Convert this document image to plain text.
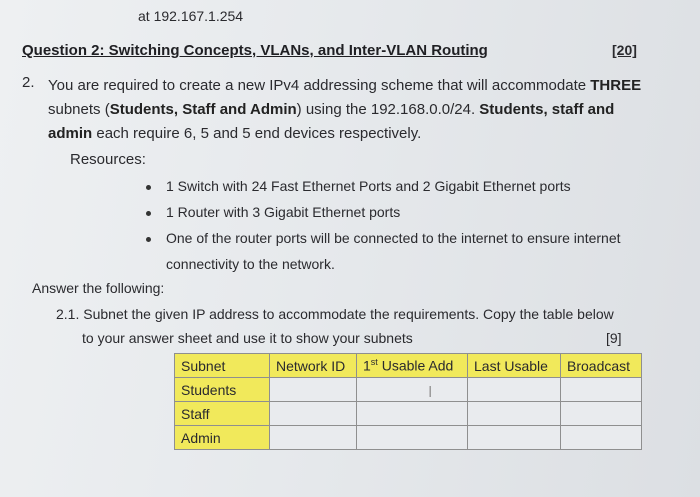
at 192.167.1.254
Question 2: Switching Concepts, VLANs, and Inter-VLAN Routing	[20]
2. You are required to create a new IPv4 addressing scheme that will accommodate THREE
subnets (Students, Staff and Admin) using the 192.168.0.0/24. Students, staff and
admin each require 6, 5 and 5 end devices respectively.
Resources:
1 Switch with 24 Fast Ethernet Ports and 2 Gigabit Ethernet ports
1 Router with 3 Gigabit Ethernet ports
One of the router ports will be connected to the internet to ensure internet
connectivity to the network.
Answer the following:
2.1. Subnet the given IP address to accommodate the requirements. Copy the table below
to your answer sheet and use it to show your subnets	[9]
Subnet	Network ID	1st Usable Add	Last Usable	Broadcast
Students				
Staff				
Admin				
I
